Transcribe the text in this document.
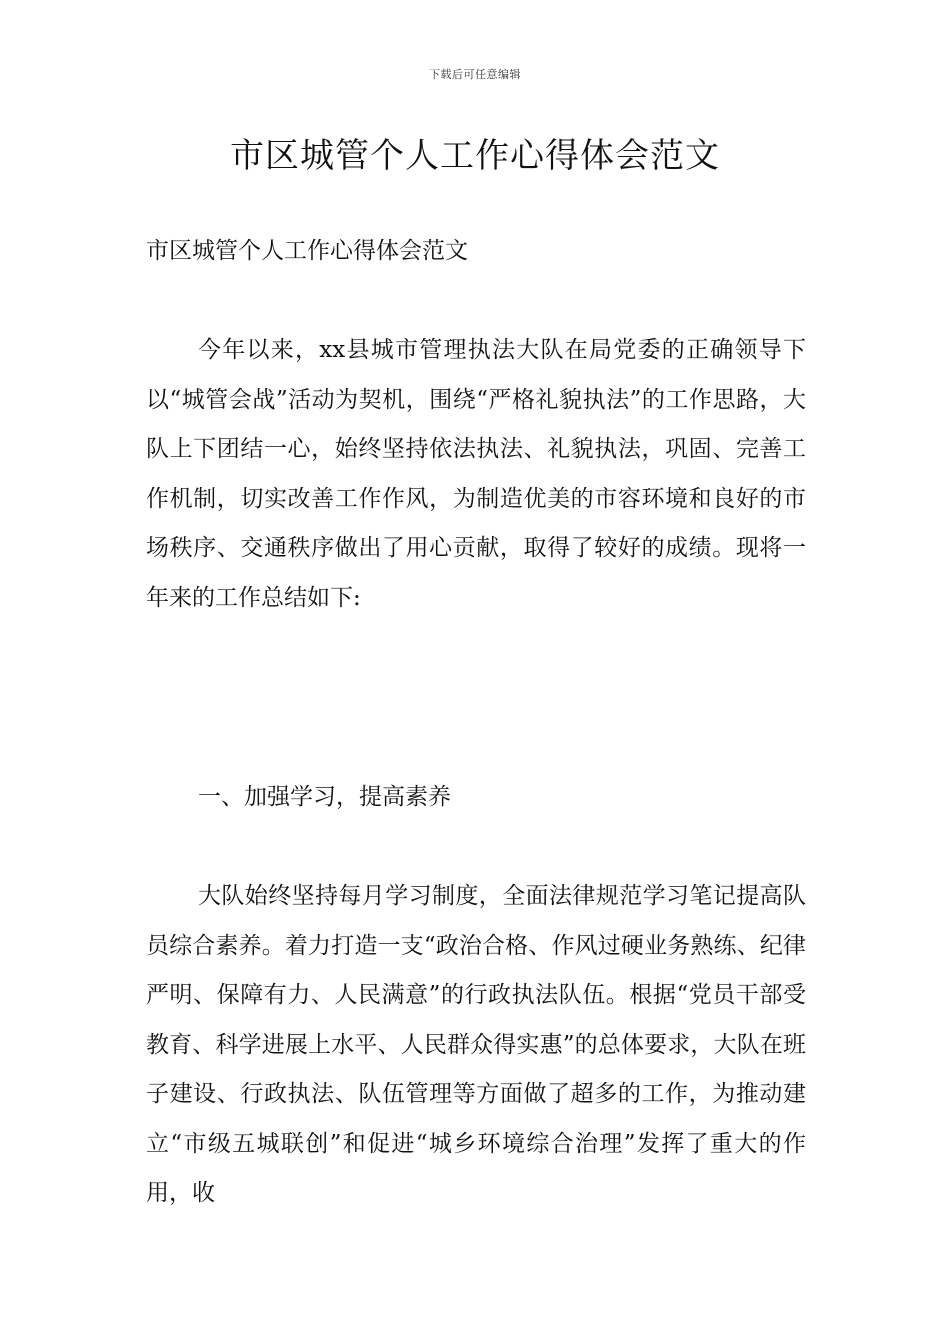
下载后可任意编辑
市区城管个人工作心得体会范文

市区城管个人工作心得体会范文

今年以来，xx县城市管理执法大队在局党委的正确领导下以“城管会战”活动为契机，围绕“严格礼貌执法”的工作思路，大队上下团结一心，始终坚持依法执法、礼貌执法，巩固、完善工作机制，切实改善工作作风，为制造优美的市容环境和良好的市场秩序、交通秩序做出了用心贡献，取得了较好的成绩。现将一年来的工作总结如下:

一、加强学习，提高素养

大队始终坚持每月学习制度，全面法律规范学习笔记提高队员综合素养。着力打造一支“政治合格、作风过硬业务熟练、纪律严明、保障有力、人民满意”的行政执法队伍。根据“党员干部受教育、科学进展上水平、人民群众得实惠”的总体要求，大队在班子建设、行政执法、队伍管理等方面做了超多的工作，为推动建立“市级五城联创”和促进“城乡环境综合治理”发挥了重大的作用，收
